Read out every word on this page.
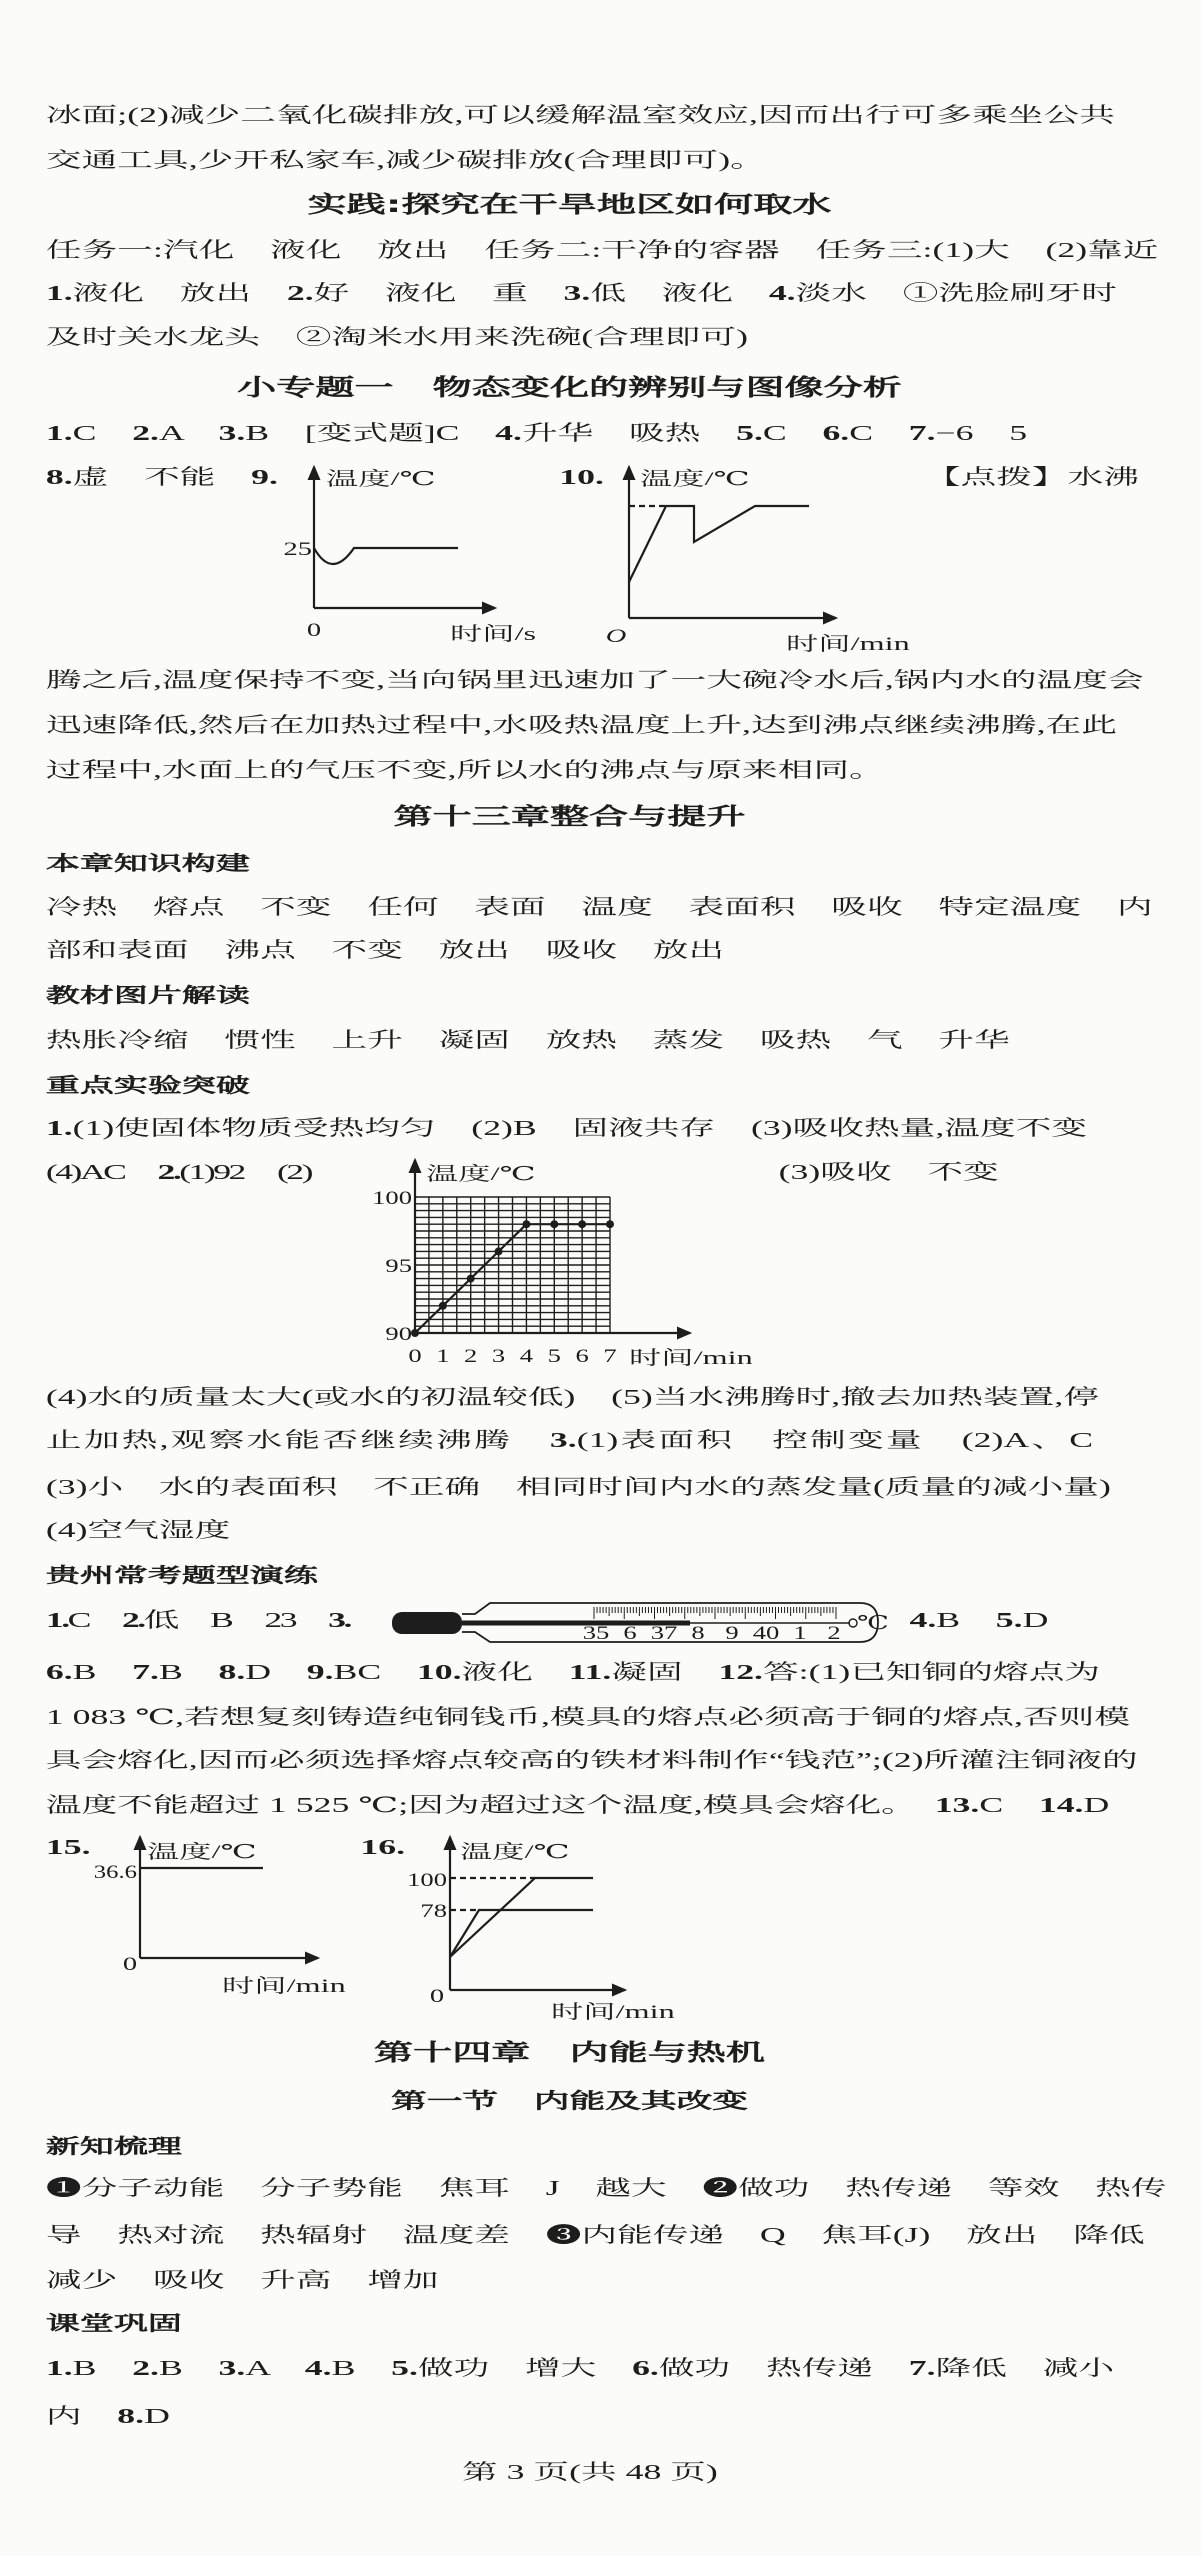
冰面;(2)减少二氧化碳排放,可以缓解温室效应,因而出行可多乘坐公共
交通工具,少开私家车,减少碳排放(合理即可)。
实践:探究在干旱地区如何取水
任务一:汽化　液化　放出　任务二:干净的容器　任务三:(1)大　(2)靠近
1.液化　放出　2.好　液化　重　3.低　液化　4.淡水　①洗脸刷牙时
及时关水龙头　②淘米水用来洗碗(合理即可)
小专题一　物态变化的辨别与图像分析
1.C　2.A　3.B　[变式题]C　4.升华　吸热　5.C　6.C　7.−6　5
8.虚　不能　9.	10.	【点拨】水沸
腾之后,温度保持不变,当向锅里迅速加了一大碗冷水后,锅内水的温度会
迅速降低,然后在加热过程中,水吸热温度上升,达到沸点继续沸腾,在此
过程中,水面上的气压不变,所以水的沸点与原来相同。
第十三章整合与提升
本章知识构建
冷热　熔点　不变　任何　表面　温度　表面积　吸收　特定温度　内
部和表面　沸点　不变　放出　吸收　放出
教材图片解读
热胀冷缩　惯性　上升　凝固　放热　蒸发　吸热　气　升华
重点实验突破
1.(1)使固体物质受热均匀　(2)B　固液共存　(3)吸收热量,温度不变
(4)AC　2.(1)92　(2)	(3)吸收　不变
(4)水的质量太大(或水的初温较低)　(5)当水沸腾时,撤去加热装置,停
止加热,观察水能否继续沸腾　3.(1)表面积　控制变量　(2)A、C
(3)小　水的表面积　不正确　相同时间内水的蒸发量(质量的减小量)
(4)空气湿度
贵州常考题型演练
1.C　2.低　B　23　3.	4.B　5.D
6.B　7.B　8.D　9.BC　10.液化　11.凝固　12.答:(1)已知铜的熔点为
1 083 ℃,若想复刻铸造纯铜钱币,模具的熔点必须高于铜的熔点,否则模
具会熔化,因而必须选择熔点较高的铁材料制作“钱范”;(2)所灌注铜液的
温度不能超过 1 525 ℃;因为超过这个温度,模具会熔化。　13.C　14.D
15.	16.
第十四章　内能与热机
第一节　内能及其改变
新知梳理
❶分子动能　分子势能　焦耳　J　越大　❷做功　热传递　等效　热传
导　热对流　热辐射　温度差　❸内能传递　Q　焦耳(J)　放出　降低
减少　吸收　升高　增加
课堂巩固
1.B　2.B　3.A　4.B　5.做功　增大　6.做功　热传递　7.降低　减小
内　8.D
第 3 页(共 48 页)
温度/℃
25
0	时间/s
温度/℃
O	时间/min
0 1 2 3 4 5 6 7
90
95
100
温度/℃
时间/min
35 6 37 8 9 40 1 2 ℃
温度/℃
36.6
0
时间/min
温度/℃
100
78
0
时间/min
